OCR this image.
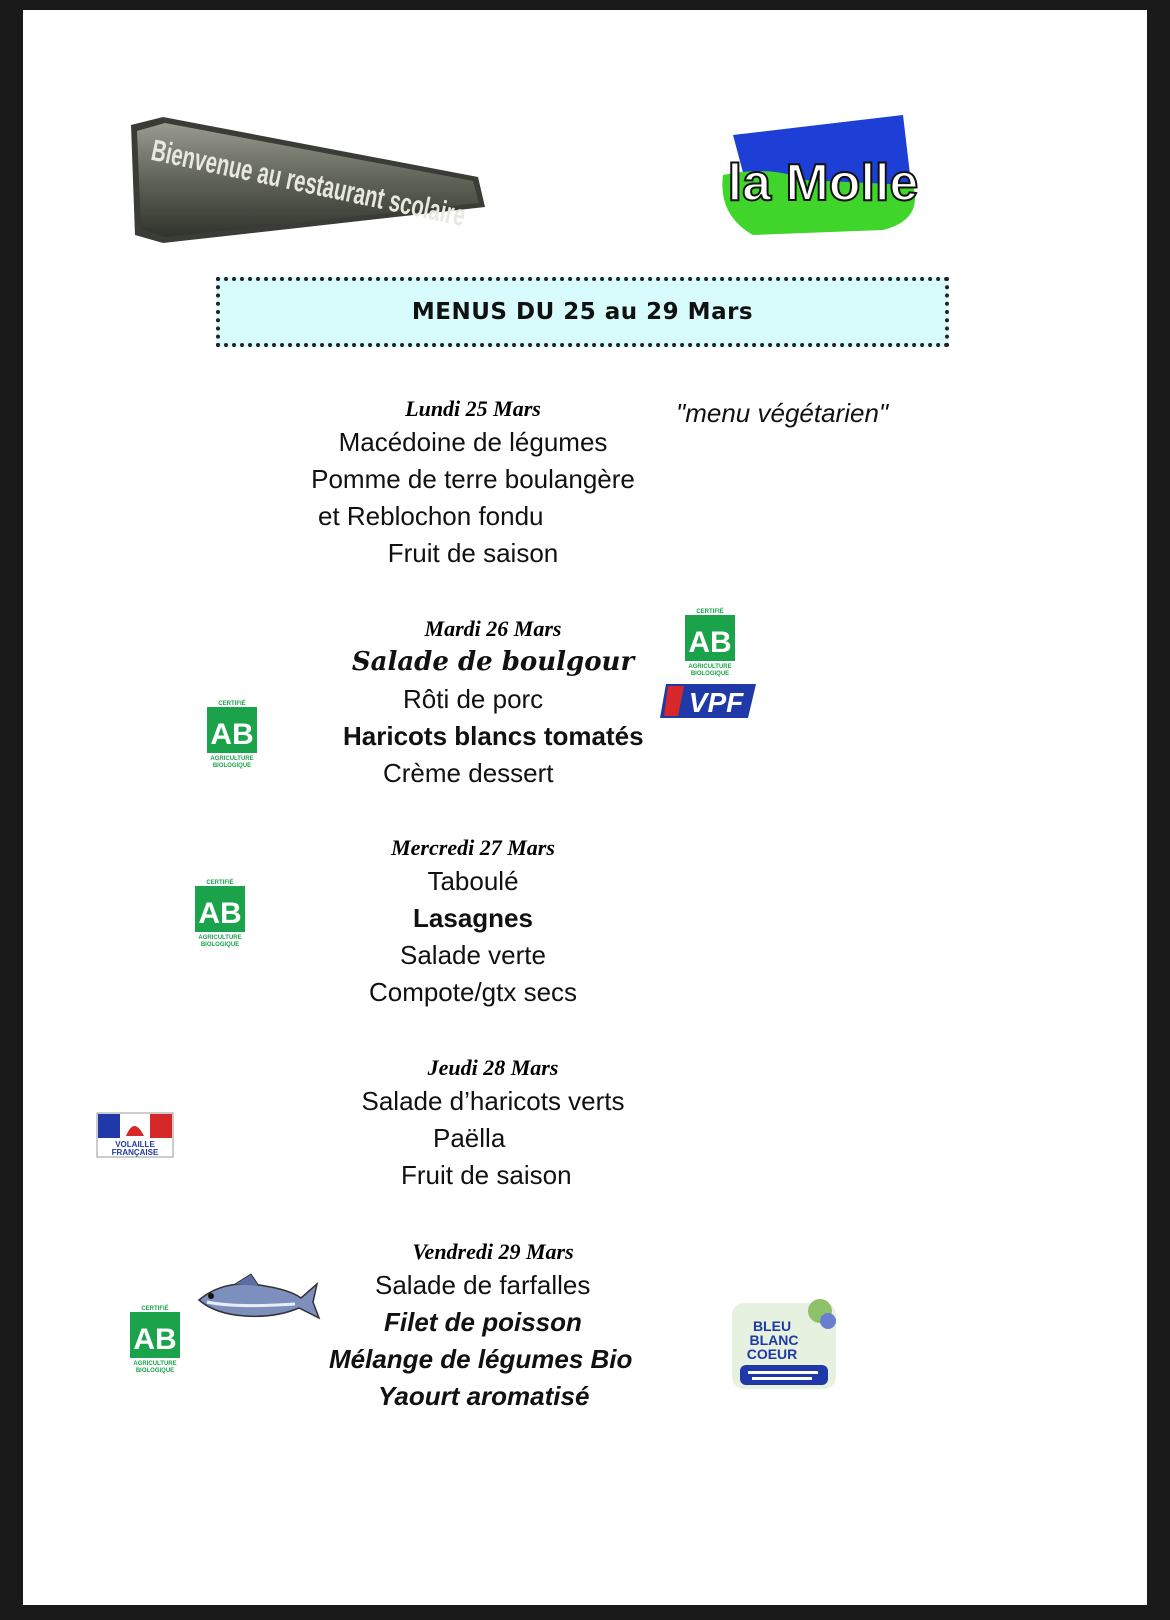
Bienvenue au restaurant scolaire la Molle
MENUS DU 25 au 29 Mars
Lundi 25 Mars
Macédoine de légumes
Pomme de terre boulangère
et Reblochon fondu
Fruit de saison
"menu végétarien"
Mardi 26 Mars
Salade de boulgour
Rôti de porc
Haricots blancs tomatés
Crème dessert
Mercredi 27 Mars
Taboulé
Lasagnes
Salade verte
Compote/gtx secs
Jeudi 28 Mars
Salade d’haricots verts
Paëlla
Fruit de saison
Vendredi 29 Mars
Salade de farfalles
Filet de poisson
Mélange de légumes Bio
Yaourt aromatisé
CERTIFIÉ
AB
AGRICULTURE
BIOLOGIQUE
CERTIFIÉ
AB
AGRICULTURE
BIOLOGIQUE
CERTIFIÉ
AB
AGRICULTURE
BIOLOGIQUE
CERTIFIÉ
AB
AGRICULTURE
BIOLOGIQUE
VPF
VOLAILLE
FRANÇAISE
BLEU
BLANC
COEUR
